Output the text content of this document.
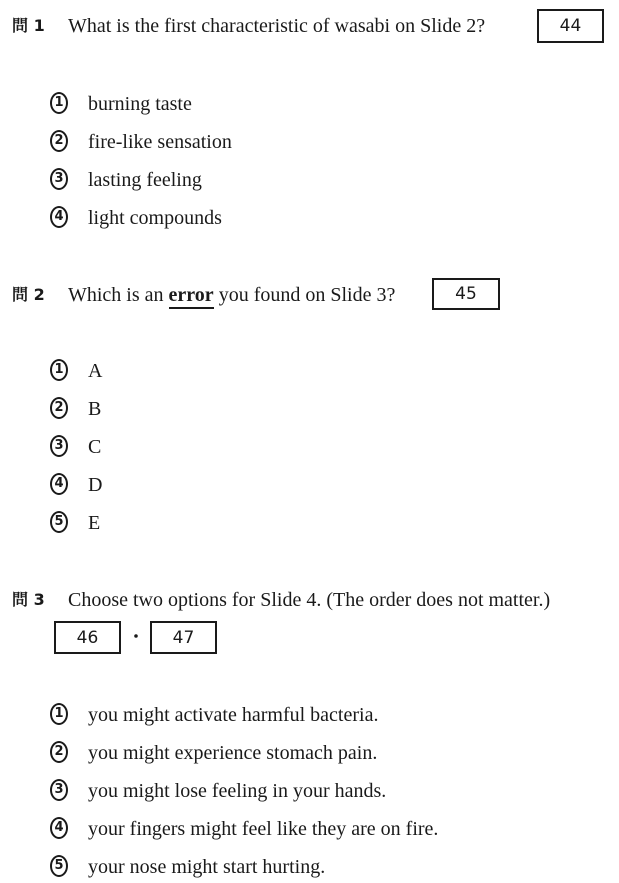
問 1 What is the first characteristic of wasabi on Slide 2?	44
1 burning taste
2 fire-like sensation
3 lasting feeling
4 light compounds
問 2 Which is an error you found on Slide 3?	45
1 A
2 B
3 C
4 D
5 E
問 3 Choose two options for Slide 4. (The order does not matter.)
46	・	47
1 you might activate harmful bacteria.
2 you might experience stomach pain.
3 you might lose feeling in your hands.
4 your fingers might feel like they are on fire.
5 your nose might start hurting.
